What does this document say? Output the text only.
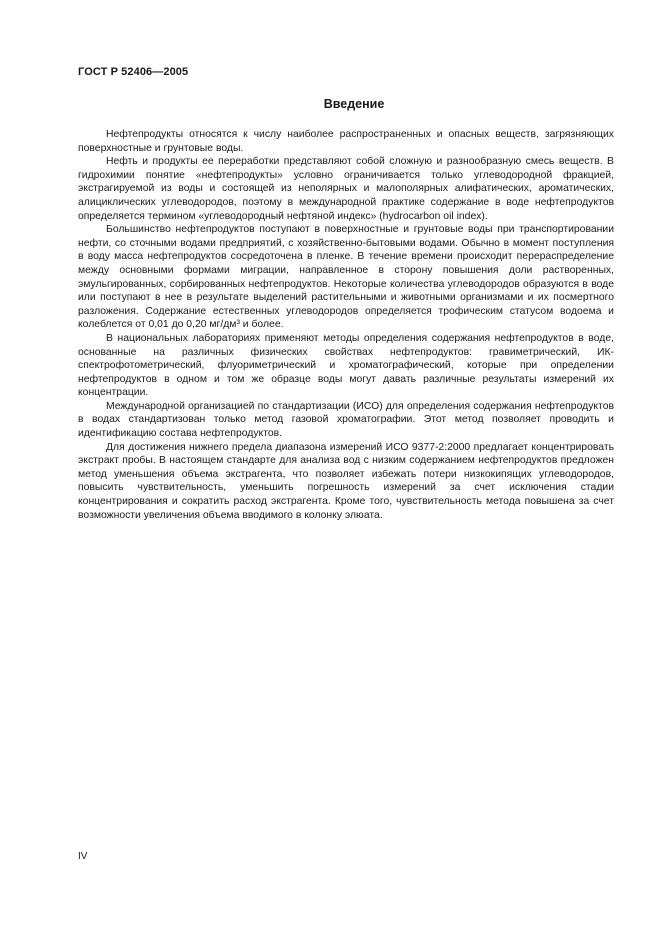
ГОСТ Р 52406—2005
Введение

Нефтепродукты относятся к числу наиболее распространенных и опасных веществ, загрязняющих поверхностные и грунтовые воды.

Нефть и продукты ее переработки представляют собой сложную и разнообразную смесь веществ. В гидрохимии понятие «нефтепродукты» условно ограничивается только углеводородной фракцией, экстрагируемой из воды и состоящей из неполярных и малополярных алифатических, ароматических, алициклических углеводородов, поэтому в международной практике содержание в воде нефтепродуктов определяется термином «углеводородный нефтяной индекс» (hydrocarbon oil index).

Большинство нефтепродуктов поступают в поверхностные и грунтовые воды при транспортировании нефти, со сточными водами предприятий, с хозяйственно-бытовыми водами. Обычно в момент поступления в воду масса нефтепродуктов сосредоточена в пленке. В течение времени происходит перераспределение между основными формами миграции, направленное в сторону повышения доли растворенных, эмульгированных, сорбированных нефтепродуктов. Некоторые количества углеводородов образуются в воде или поступают в нее в результате выделений растительными и животными организмами и их посмертного разложения. Содержание естественных углеводородов определяется трофическим статусом водоема и колеблется от 0,01 до 0,20 мг/дм³ и более.

В национальных лабораториях применяют методы определения содержания нефтепродуктов в воде, основанные на различных физических свойствах нефтепродуктов: гравиметрический, ИК-спектрофотометрический, флуориметрический и хроматографический, которые при определении нефтепродуктов в одном и том же образце воды могут давать различные результаты измерений их концентрации.

Международной организацией по стандартизации (ИСО) для определения содержания нефтепродуктов в водах стандартизован только метод газовой хроматографии. Этот метод позволяет проводить и идентификацию состава нефтепродуктов.

Для достижения нижнего предела диапазона измерений ИСО 9377-2:2000 предлагает концентрировать экстракт пробы. В настоящем стандарте для анализа вод с низким содержанием нефтепродуктов предложен метод уменьшения объема экстрагента, что позволяет избежать потери низкокипящих углеводородов, повысить чувствительность, уменьшить погрешность измерений за счет исключения стадии концентрирования и сократить расход экстрагента. Кроме того, чувствительность метода повышена за счет возможности увеличения объема вводимого в колонку элюата.

IV
